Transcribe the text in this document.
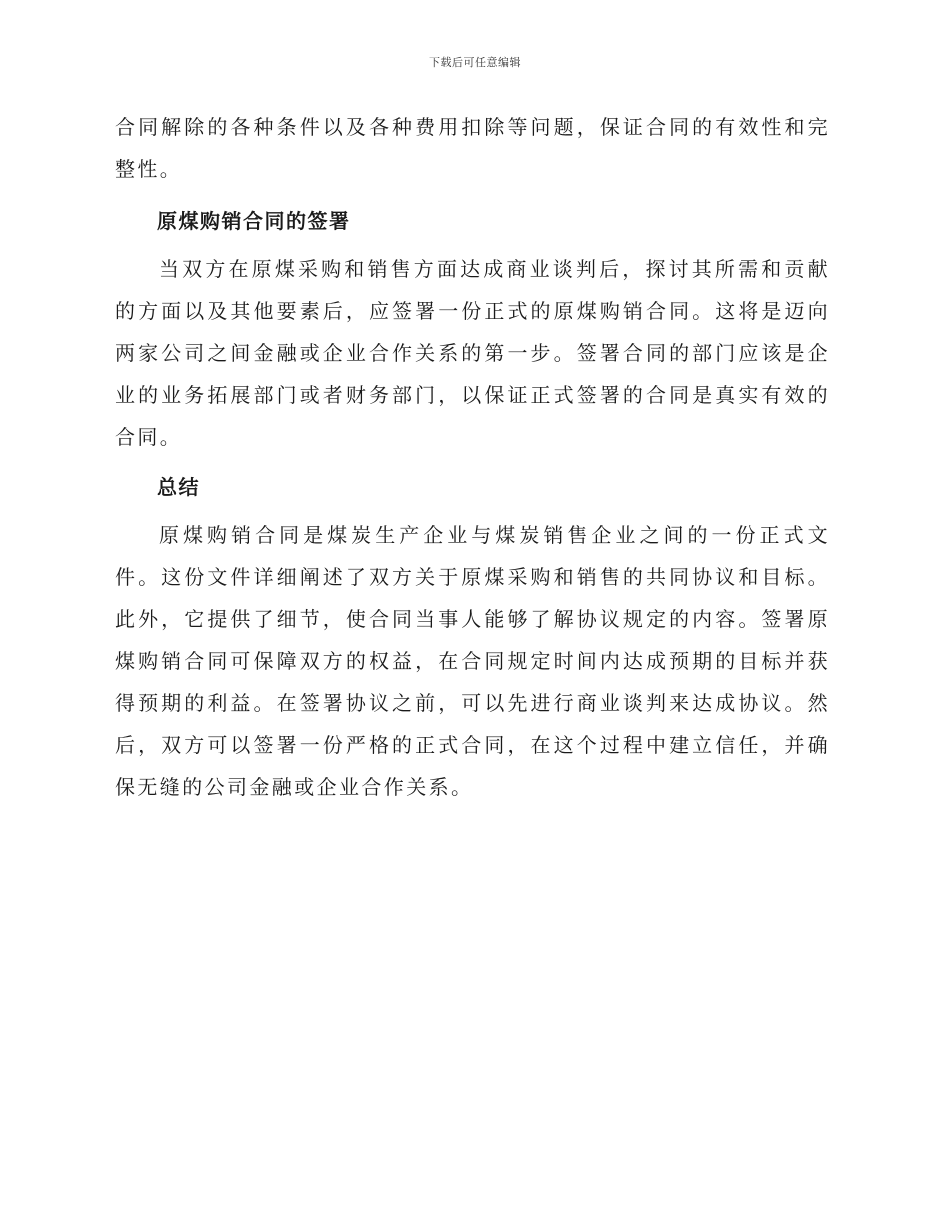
下载后可任意编辑

合同解除的各种条件以及各种费用扣除等问题，保证合同的有效性和完整性。

原煤购销合同的签署

当双方在原煤采购和销售方面达成商业谈判后，探讨其所需和贡献的方面以及其他要素后，应签署一份正式的原煤购销合同。这将是迈向两家公司之间金融或企业合作关系的第一步。签署合同的部门应该是企业的业务拓展部门或者财务部门，以保证正式签署的合同是真实有效的合同。

总结

原煤购销合同是煤炭生产企业与煤炭销售企业之间的一份正式文件。这份文件详细阐述了双方关于原煤采购和销售的共同协议和目标。此外，它提供了细节，使合同当事人能够了解协议规定的内容。签署原煤购销合同可保障双方的权益，在合同规定时间内达成预期的目标并获得预期的利益。在签署协议之前，可以先进行商业谈判来达成协议。然后，双方可以签署一份严格的正式合同，在这个过程中建立信任，并确保无缝的公司金融或企业合作关系。
